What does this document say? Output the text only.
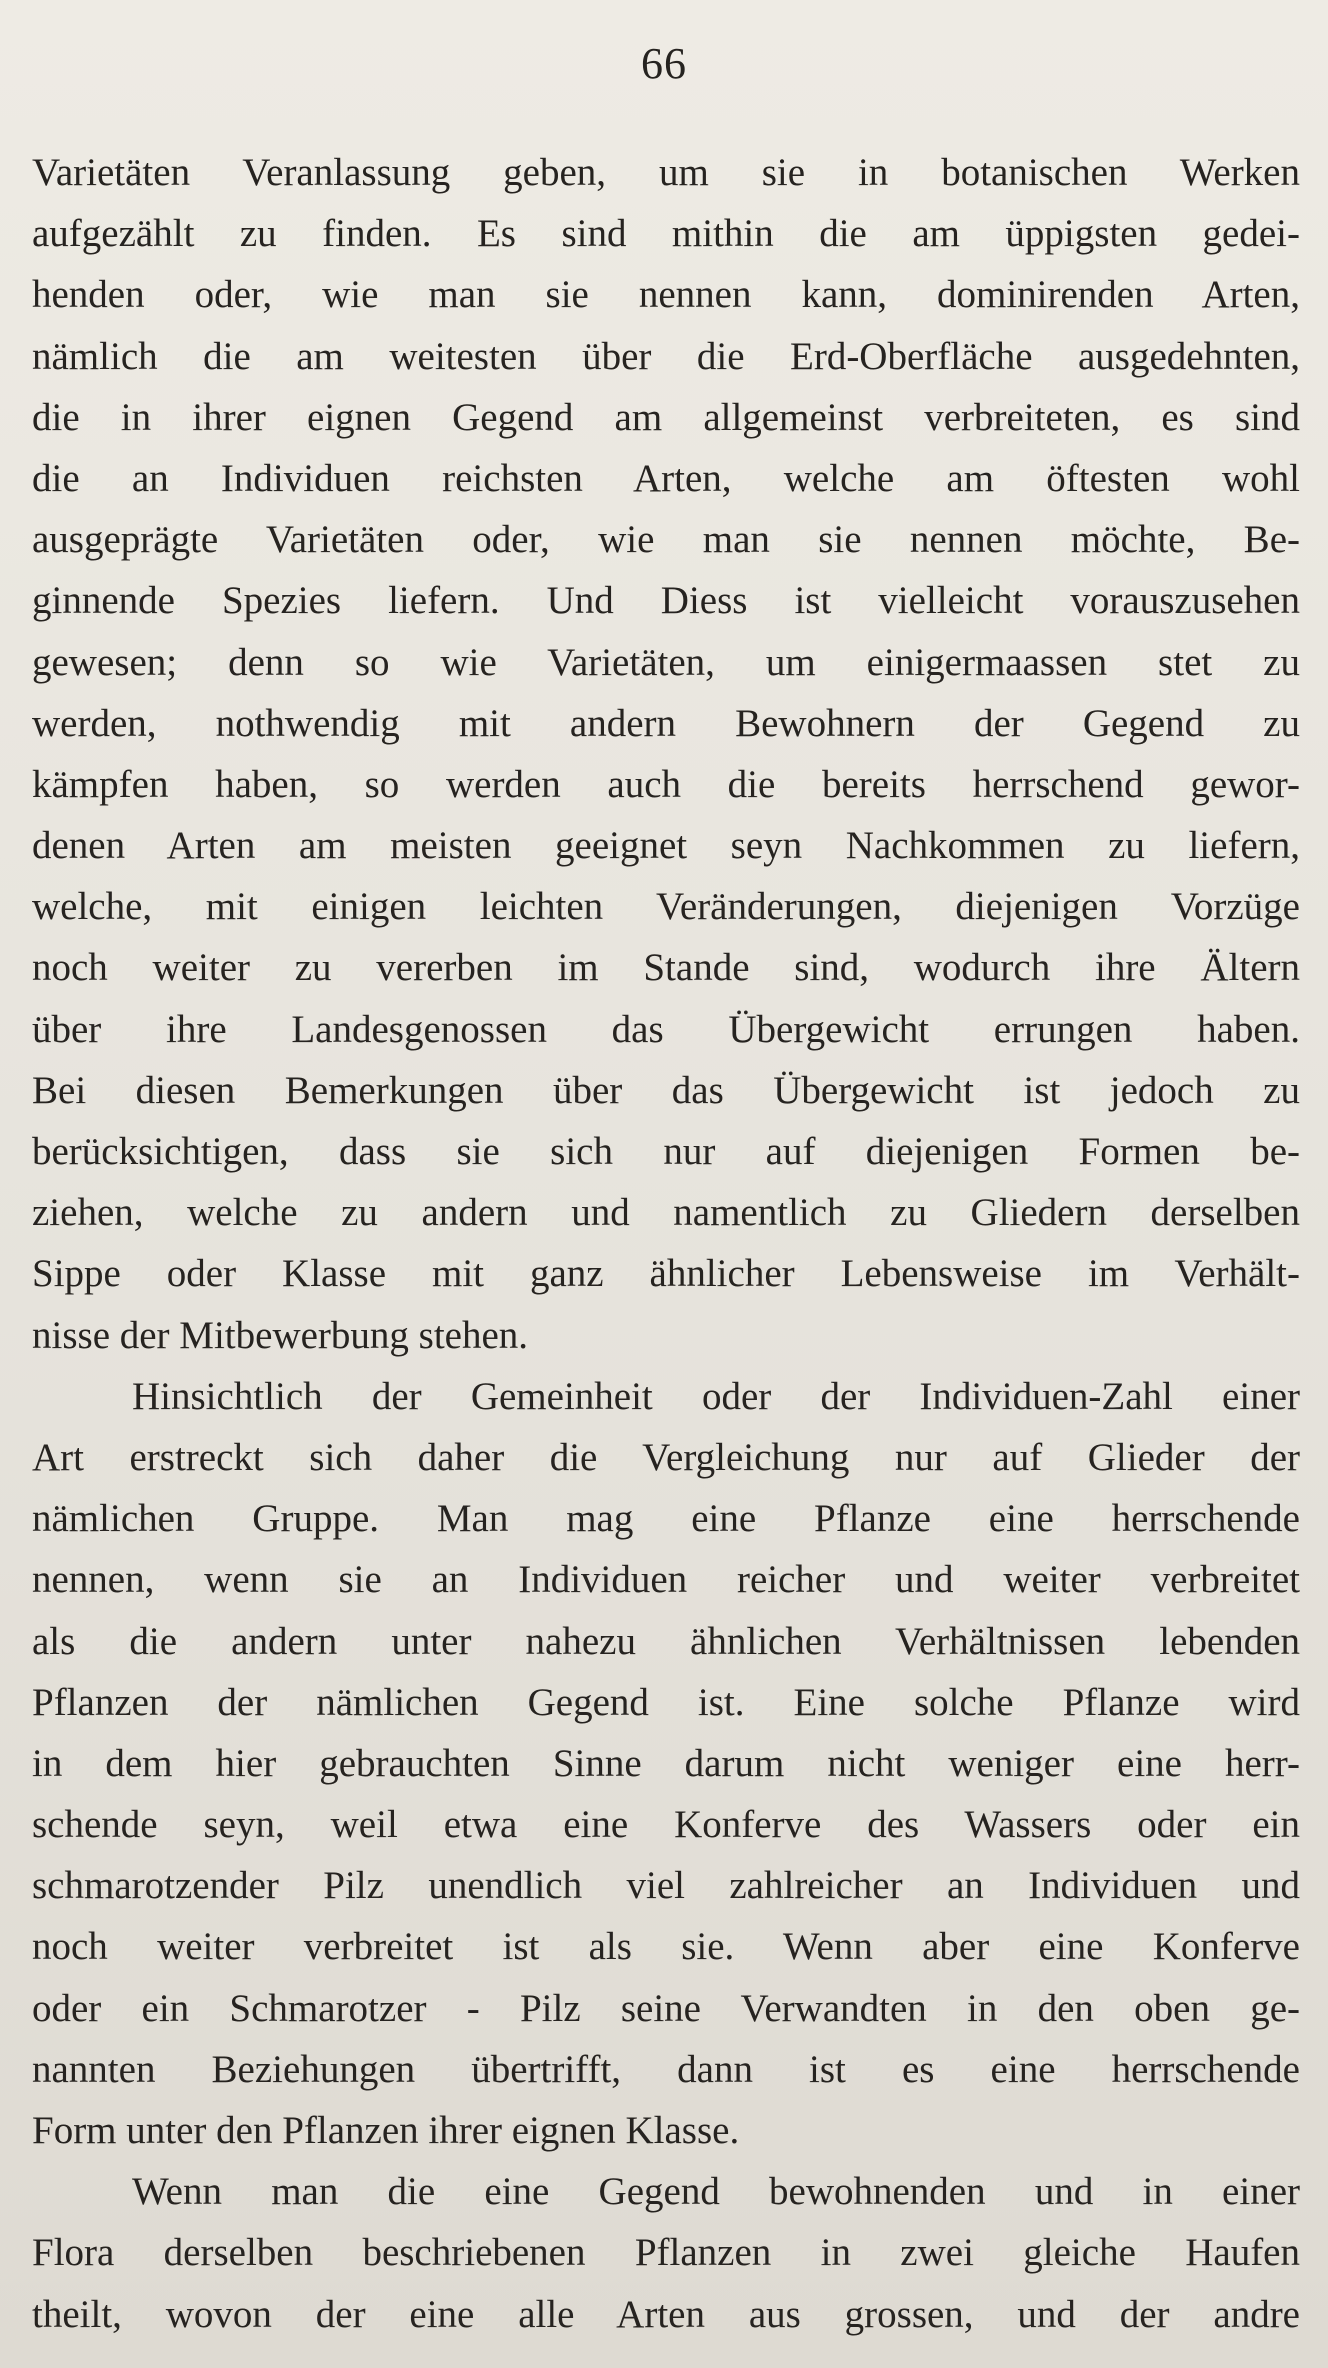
66
Varietäten Veranlassung geben, um sie in botanischen Werken
aufgezählt zu finden. Es sind mithin die am üppigsten gedei-
henden oder, wie man sie nennen kann, dominirenden Arten,
nämlich die am weitesten über die Erd-Oberfläche ausgedehnten,
die in ihrer eignen Gegend am allgemeinst verbreiteten, es sind
die an Individuen reichsten Arten, welche am öftesten wohl
ausgeprägte Varietäten oder, wie man sie nennen möchte, Be-
ginnende Spezies liefern. Und Diess ist vielleicht vorauszusehen
gewesen; denn so wie Varietäten, um einigermaassen stet zu
werden, nothwendig mit andern Bewohnern der Gegend zu
kämpfen haben, so werden auch die bereits herrschend gewor-
denen Arten am meisten geeignet seyn Nachkommen zu liefern,
welche, mit einigen leichten Veränderungen, diejenigen Vorzüge
noch weiter zu vererben im Stande sind, wodurch ihre Ältern
über ihre Landesgenossen das Übergewicht errungen haben.
Bei diesen Bemerkungen über das Übergewicht ist jedoch zu
berücksichtigen, dass sie sich nur auf diejenigen Formen be-
ziehen, welche zu andern und namentlich zu Gliedern derselben
Sippe oder Klasse mit ganz ähnlicher Lebensweise im Verhält-
nisse der Mitbewerbung stehen.
Hinsichtlich der Gemeinheit oder der Individuen-Zahl einer
Art erstreckt sich daher die Vergleichung nur auf Glieder der
nämlichen Gruppe. Man mag eine Pflanze eine herrschende
nennen, wenn sie an Individuen reicher und weiter verbreitet
als die andern unter nahezu ähnlichen Verhältnissen lebenden
Pflanzen der nämlichen Gegend ist. Eine solche Pflanze wird
in dem hier gebrauchten Sinne darum nicht weniger eine herr-
schende seyn, weil etwa eine Konferve des Wassers oder ein
schmarotzender Pilz unendlich viel zahlreicher an Individuen und
noch weiter verbreitet ist als sie. Wenn aber eine Konferve
oder ein Schmarotzer - Pilz seine Verwandten in den oben ge-
nannten Beziehungen übertrifft, dann ist es eine herrschende
Form unter den Pflanzen ihrer eignen Klasse.
Wenn man die eine Gegend bewohnenden und in einer
Flora derselben beschriebenen Pflanzen in zwei gleiche Haufen
theilt, wovon der eine alle Arten aus grossen, und der andre
